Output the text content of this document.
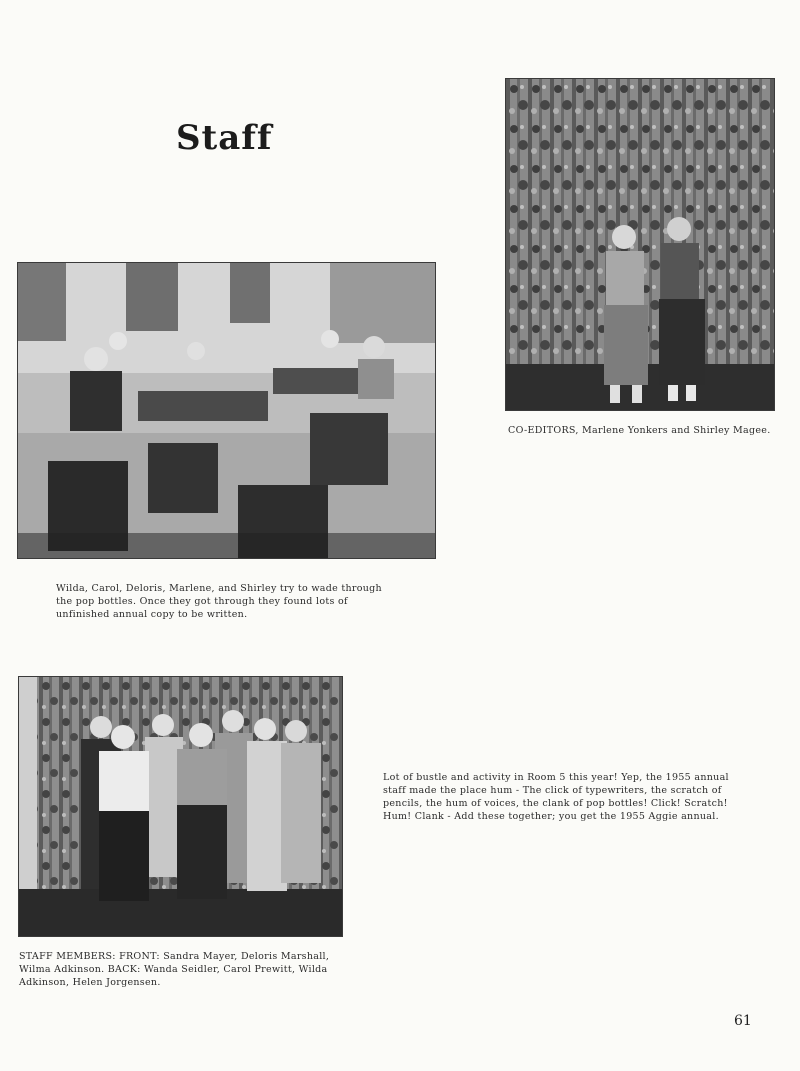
Staff
CO-EDITORS, Marlene Yonkers and Shirley Magee.
Wilda, Carol, Deloris, Marlene, and Shirley try to wade through the pop bottles. Once they got through they found lots of unfinished annual copy to be written.
STAFF MEMBERS: FRONT: Sandra Mayer, Deloris Marshall, Wilma Adkinson. BACK: Wanda Seidler, Carol Prewitt, Wilda Adkinson, Helen Jorgensen.
Lot of bustle and activity in Room 5 this year! Yep, the 1955 annual staff made the place hum - The click of typewriters, the scratch of pencils, the hum of voices, the clank of pop bottles! Click! Scratch! Hum! Clank - Add these together; you get the 1955 Aggie annual.
61
